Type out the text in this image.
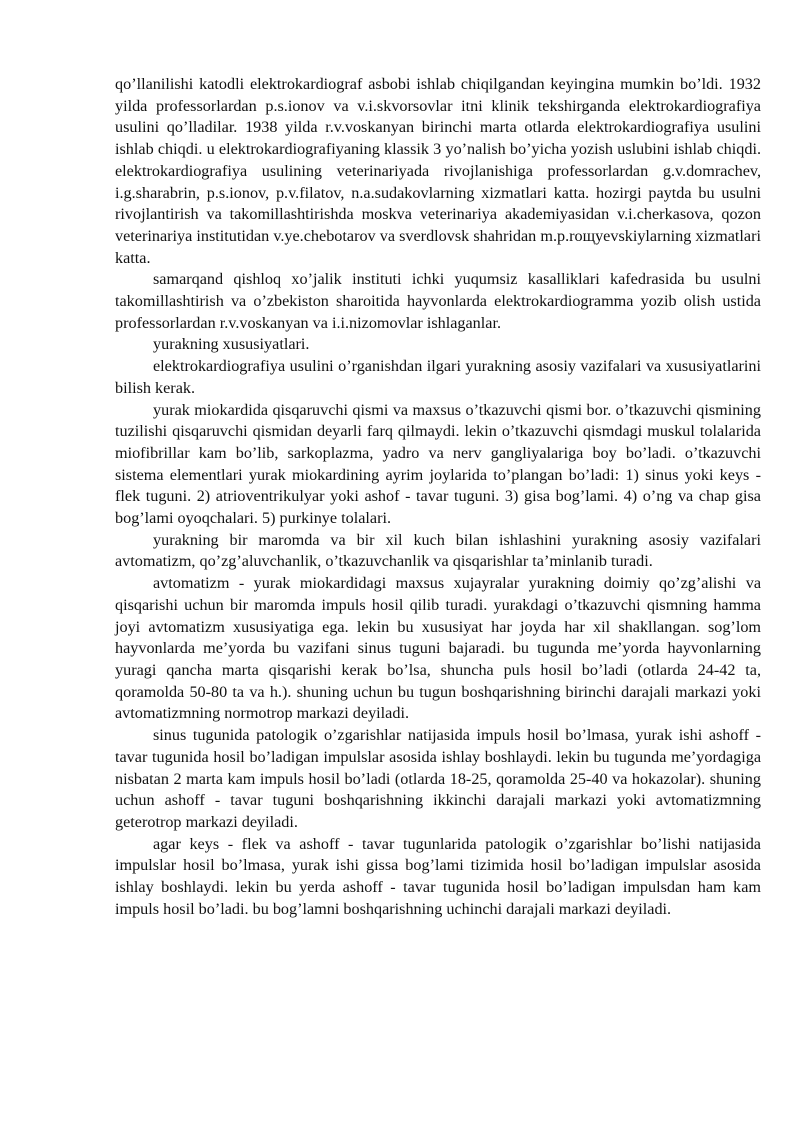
qo’llanilishi katodli elektrokardiograf asbobi ishlab chiqilgandan keyingina mumkin bo’ldi. 1932 yilda professorlardan p.s.ionov va v.i.skvorsovlar itni klinik tekshirganda elektrokardiografiya usulini qo’lladilar. 1938 yilda r.v.voskanyan birinchi marta otlarda elektrokardiografiya usulini ishlab chiqdi. u elektrokardiografiyaning klassik 3 yo’nalish bo’yicha yozish uslubini ishlab chiqdi. elektrokardiografiya usulining veterinariyada rivojlanishiga professorlardan g.v.domrachev, i.g.sharabrin, p.s.ionov, p.v.filatov, n.a.sudakovlarning xizmatlari katta. hozirgi paytda bu usulni rivojlantirish va takomillashtirishda moskva veterinariya akademiyasidan v.i.cherkasova, qozon veterinariya institutidan v.ye.chebotarov va sverdlovsk shahridan m.p.roщуevskiylarning xizmatlari katta.

samarqand qishloq xo’jalik instituti ichki yuqumsiz kasalliklari kafedrasida bu usulni takomillashtirish va o’zbekiston sharoitida hayvonlarda elektrokardiogramma yozib olish ustida professorlardan r.v.voskanyan va i.i.nizomovlar ishlaganlar.

yurakning xususiyatlari.

elektrokardiografiya usulini o’rganishdan ilgari yurakning asosiy vazifalari va xususiyatlarini bilish kerak.

yurak miokardida qisqaruvchi qismi va maxsus o’tkazuvchi qismi bor. o’tkazuvchi qismining tuzilishi qisqaruvchi qismidan deyarli farq qilmaydi. lekin o’tkazuvchi qismdagi muskul tolalarida miofibrillar kam bo’lib, sarkoplazma, yadro va nerv gangliyalariga boy bo’ladi. o’tkazuvchi sistema elementlari yurak miokardining ayrim joylarida to’plangan bo’ladi: 1) sinus yoki keys - flek tuguni. 2) atrioventrikulyar yoki ashof - tavar tuguni. 3) gisa bog’lami. 4) o’ng va chap gisa bog’lami oyoqchalari. 5) purkinye tolalari.

yurakning bir maromda va bir xil kuch bilan ishlashini yurakning asosiy vazifalari avtomatizm, qo’zg’aluvchanlik, o’tkazuvchanlik va qisqarishlar ta’minlanib turadi.

avtomatizm - yurak miokardidagi maxsus xujayralar yurakning doimiy qo’zg’alishi va qisqarishi uchun bir maromda impuls hosil qilib turadi. yurakdagi o’tkazuvchi qismning hamma joyi avtomatizm xususiyatiga ega. lekin bu xususiyat har joyda har xil shakllangan. sog’lom hayvonlarda me’yorda bu vazifani sinus tuguni bajaradi. bu tugunda me’yorda hayvonlarning yuragi qancha marta qisqarishi kerak bo’lsa, shuncha puls hosil bo’ladi (otlarda 24-42 ta, qoramolda 50-80 ta va h.). shuning uchun bu tugun boshqarishning birinchi darajali markazi yoki avtomatizmning normotrop markazi deyiladi.

sinus tugunida patologik o’zgarishlar natijasida impuls hosil bo’lmasa, yurak ishi ashoff - tavar tugunida hosil bo’ladigan impulslar asosida ishlay boshlaydi. lekin bu tugunda me’yordagiga nisbatan 2 marta kam impuls hosil bo’ladi (otlarda 18-25, qoramolda 25-40 va hokazolar). shuning uchun ashoff - tavar tuguni boshqarishning ikkinchi darajali markazi yoki avtomatizmning geterotrop markazi deyiladi.

agar keys - flek va ashoff - tavar tugunlarida patologik o’zgarishlar bo’lishi natijasida impulslar hosil bo’lmasa, yurak ishi gissa bog’lami tizimida hosil bo’ladigan impulslar asosida ishlay boshlaydi. lekin bu yerda ashoff - tavar tugunida hosil bo’ladigan impulsdan ham kam impuls hosil bo’ladi. bu bog’lamni boshqarishning uchinchi darajali markazi deyiladi.
